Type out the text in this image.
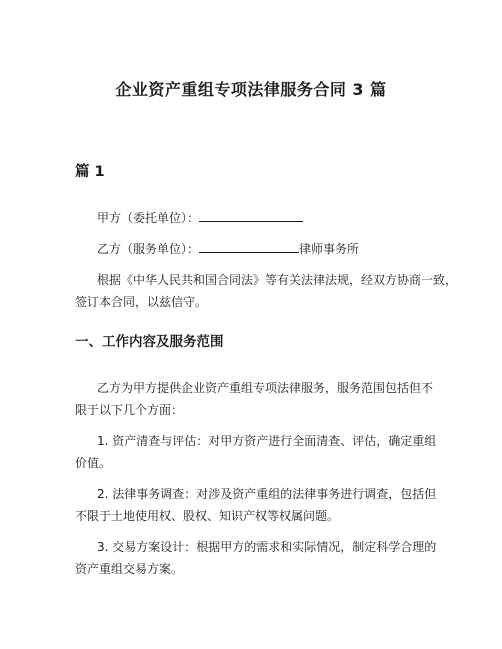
企业资产重组专项法律服务合同 3 篇
篇 1
甲方（委托单位）：
乙方（服务单位）：	律师事务所
根据《中华人民共和国合同法》等有关法律法规，经双方协商一致，
签订本合同，以兹信守。
一、工作内容及服务范围
乙方为甲方提供企业资产重组专项法律服务，服务范围包括但不
限于以下几个方面：
1. 资产清查与评估：对甲方资产进行全面清查、评估，确定重组
价值。
2. 法律事务调查：对涉及资产重组的法律事务进行调查，包括但
不限于土地使用权、股权、知识产权等权属问题。
3. 交易方案设计：根据甲方的需求和实际情况，制定科学合理的
资产重组交易方案。
